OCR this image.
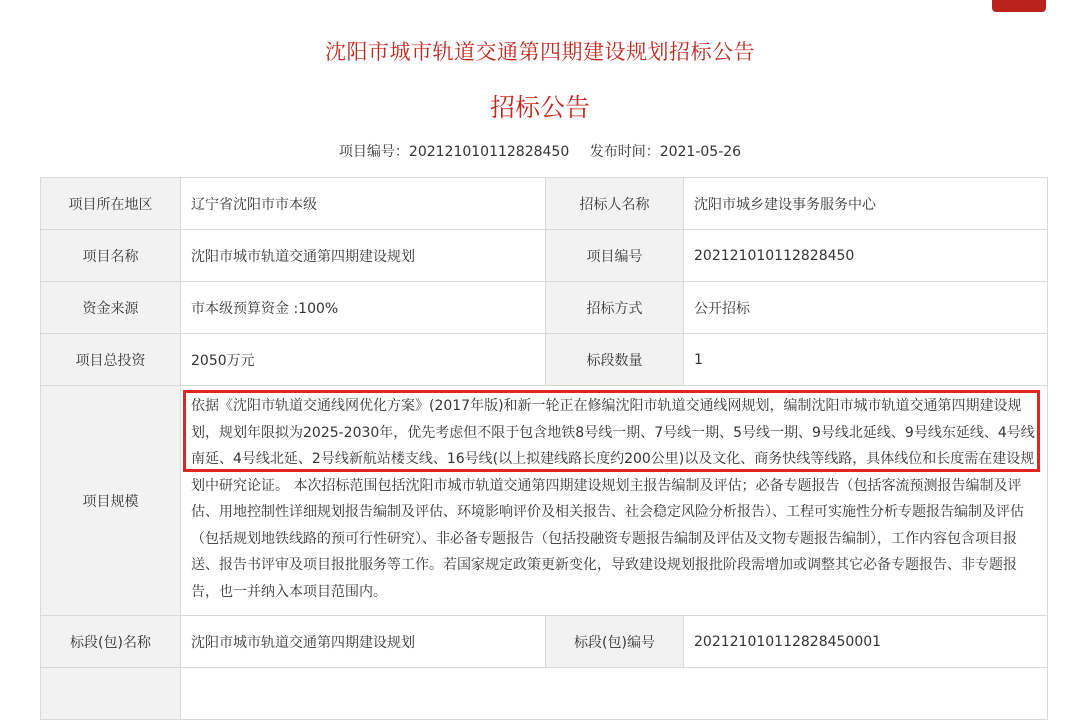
沈阳市城市轨道交通第四期建设规划招标公告
招标公告
项目编号：202121010112828450 发布时间：2021-05-26
项目所在地区	辽宁省沈阳市市本级	招标人名称	沈阳市城乡建设事务服务中心
项目名称	沈阳市城市轨道交通第四期建设规划	项目编号	202121010112828450
资金来源	市本级预算资金 :100%	招标方式	公开招标
项目总投资	2050万元	标段数量	1
项目规模	依据《沈阳市轨道交通线网优化方案》(2017年版)和新一轮正在修编沈阳市轨道交通线网规划，编制沈阳市城市轨道交通第四期建设规划，规划年限拟为2025-2030年，优先考虑但不限于包含地铁8号线一期、7号线一期、5号线一期、9号线北延线、9号线东延线、4号线南延、4号线北延、2号线新航站楼支线、16号线(以上拟建线路长度约200公里)以及文化、商务快线等线路，具体线位和长度需在建设规划中研究论证。 本次招标范围包括沈阳市城市轨道交通第四期建设规划主报告编制及评估；必备专题报告（包括客流预测报告编制及评估、用地控制性详细规划报告编制及评估、环境影响评价及相关报告、社会稳定风险分析报告）、工程可实施性分析专题报告编制及评估（包括规划地铁线路的预可行性研究）、非必备专题报告（包括投融资专题报告编制及评估及文物专题报告编制），工作内容包含项目报送、报告书评审及项目报批服务等工作。若国家规定政策更新变化，导致建设规划报批阶段需增加或调整其它必备专题报告、非专题报告，也一并纳入本项目范围内。		
标段(包)名称	沈阳市城市轨道交通第四期建设规划	标段(包)编号	202121010112828450001
